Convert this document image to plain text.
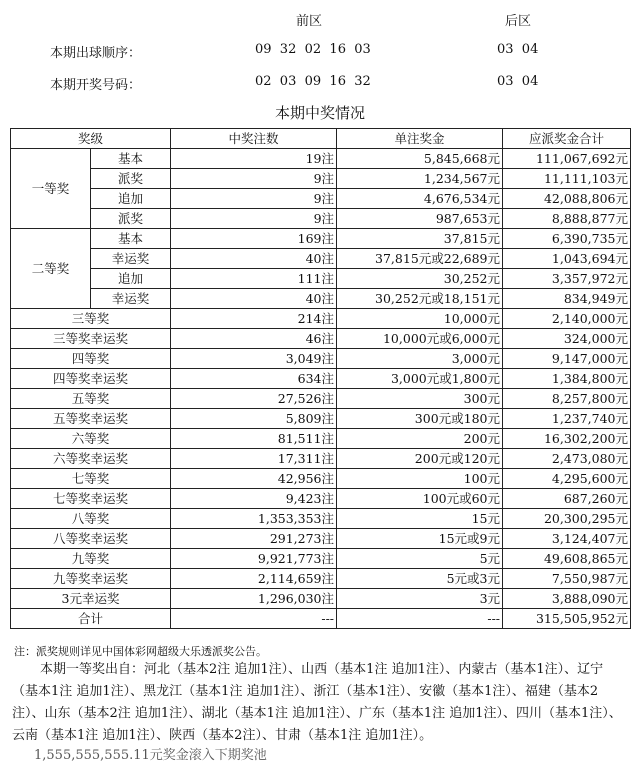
前区	后区
本期出球顺序：	09  32  02  16  03	03  04
本期开奖号码：	02  03  09  16  32	03  04
本期中奖情况
奖级		中奖注数	单注奖金	应派奖金合计
一等奖	基本	19注	5,845,668元	111,067,692元
	派奖	9注	1,234,567元	11,111,103元
	追加	9注	4,676,534元	42,088,806元
	派奖	9注	987,653元	8,888,877元
二等奖	基本	169注	37,815元	6,390,735元
	幸运奖	40注	37,815元或22,689元	1,043,694元
	追加	111注	30,252元	3,357,972元
	幸运奖	40注	30,252元或18,151元	834,949元
三等奖		214注	10,000元	2,140,000元
三等奖幸运奖		46注	10,000元或6,000元	324,000元
四等奖		3,049注	3,000元	9,147,000元
四等奖幸运奖		634注	3,000元或1,800元	1,384,800元
五等奖		27,526注	300元	8,257,800元
五等奖幸运奖		5,809注	300元或180元	1,237,740元
六等奖		81,511注	200元	16,302,200元
六等奖幸运奖		17,311注	200元或120元	2,473,080元
七等奖		42,956注	100元	4,295,600元
七等奖幸运奖		9,423注	100元或60元	687,260元
八等奖		1,353,353注	15元	20,300,295元
八等奖幸运奖		291,273注	15元或9元	3,124,407元
九等奖		9,921,773注	5元	49,608,865元
九等奖幸运奖		2,114,659注	5元或3元	7,550,987元
3元幸运奖		1,296,030注	3元	3,888,090元
合计		---	---	315,505,952元
注：派奖规则详见中国体彩网超级大乐透派奖公告。
本期一等奖出自：河北（基本2注 追加1注）、山西（基本1注 追加1注）、内蒙古（基本1注）、辽宁（基本1注 追加1注）、黑龙江（基本1注 追加1注）、浙江（基本1注）、安徽（基本1注）、福建（基本2注）、山东（基本2注 追加1注）、湖北（基本1注 追加1注）、广东（基本1注 追加1注）、四川（基本1注）、云南（基本1注 追加1注）、陕西（基本2注）、甘肃（基本1注 追加1注）。
1,555,555,555.11元奖金滚入下期奖池
